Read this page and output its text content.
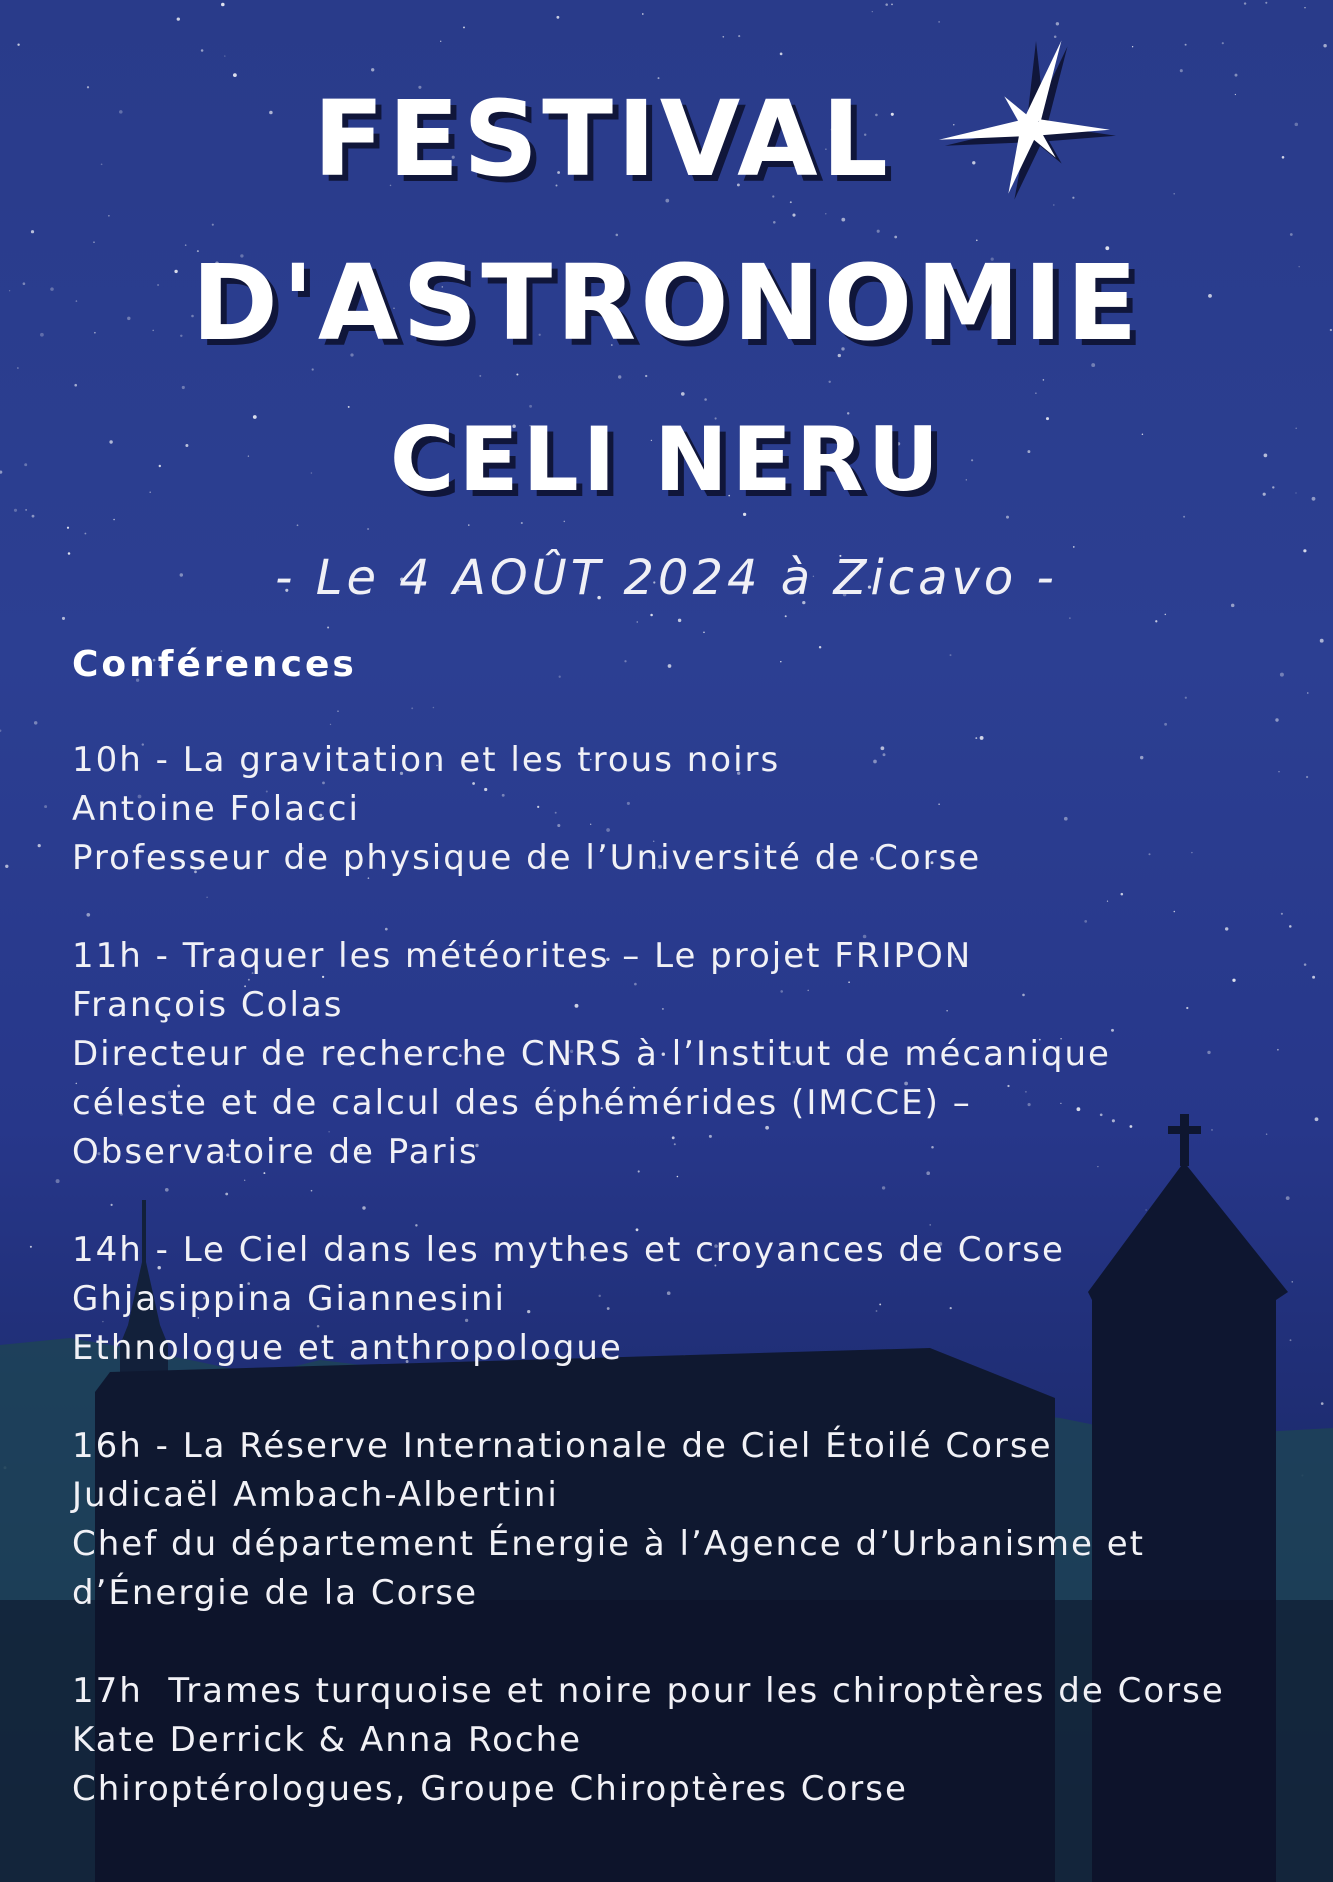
FESTIVAL
D'ASTRONOMIE
CELI NERU

- Le 4 AOÛT 2024 à Zicavo -

Conférences
10h - La gravitation et les trous noirs
Antoine Folacci
Professeur de physique de l’Université de Corse
11h - Traquer les météorites – Le projet FRIPON
François Colas
Directeur de recherche CNRS à l’Institut de mécanique
céleste et de calcul des éphémérides (IMCCE) –
Observatoire de Paris
14h - Le Ciel dans les mythes et croyances de Corse
Ghjasippina Giannesini
Ethnologue et anthropologue
16h - La Réserve Internationale de Ciel Étoilé Corse
Judicaël Ambach-Albertini
Chef du département Énergie à l’Agence d’Urbanisme et
d’Énergie de la Corse
17h  Trames turquoise et noire pour les chiroptères de Corse
Kate Derrick & Anna Roche
Chiroptérologues, Groupe Chiroptères Corse
